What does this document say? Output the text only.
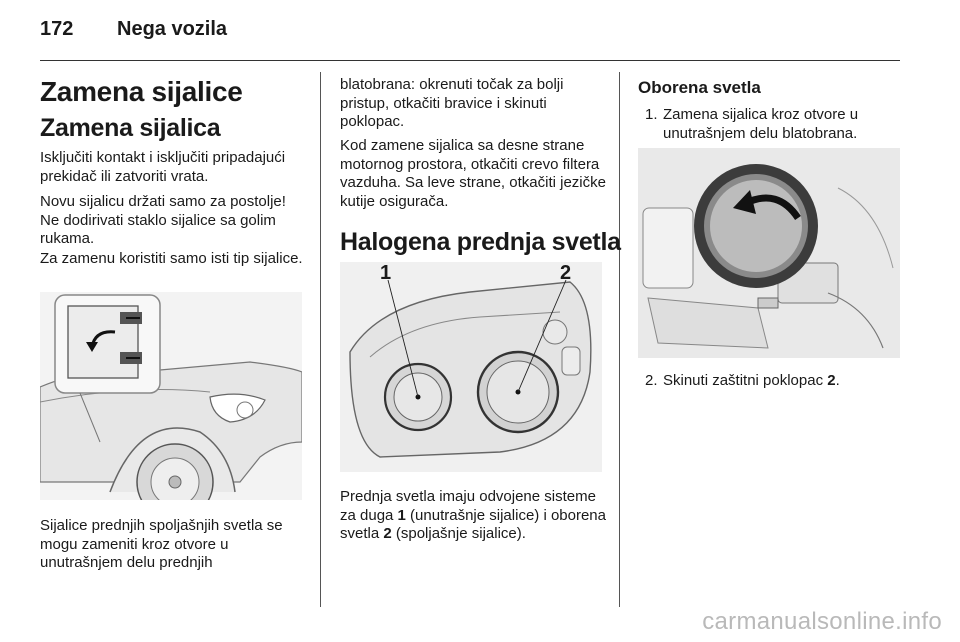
172 Nega vozila
Zamena sijalice
Zamena sijalica

Isključiti kontakt i isključiti pripadajući prekidač ili zatvoriti vrata.

Novu sijalicu držati samo za postolje! Ne dodirivati staklo sijalice sa golim rukama.

Za zamenu koristiti samo isti tip sijalice.

Sijalice prednjih spoljašnjih svetla se mogu zameniti kroz otvore u unutrašnjem delu prednjih

blatobrana: okrenuti točak za bolji pristup, otkačiti bravice i skinuti poklopac.

Kod zamene sijalica sa desne strane motornog prostora, otkačiti crevo filtera vazduha. Sa leve strane, otkačiti jezičke kutije osigurača.

Halogena prednja svetla
1	2

Prednja svetla imaju odvojene sisteme za duga 1 (unutrašnje sijalice) i oborena svetla 2 (spoljašnje sijalice).

Oborena svetla
1. Zamena sijalica kroz otvore u unutrašnjem delu blatobrana.

2. Skinuti zaštitni poklopac 2.

carmanualsonline.info
